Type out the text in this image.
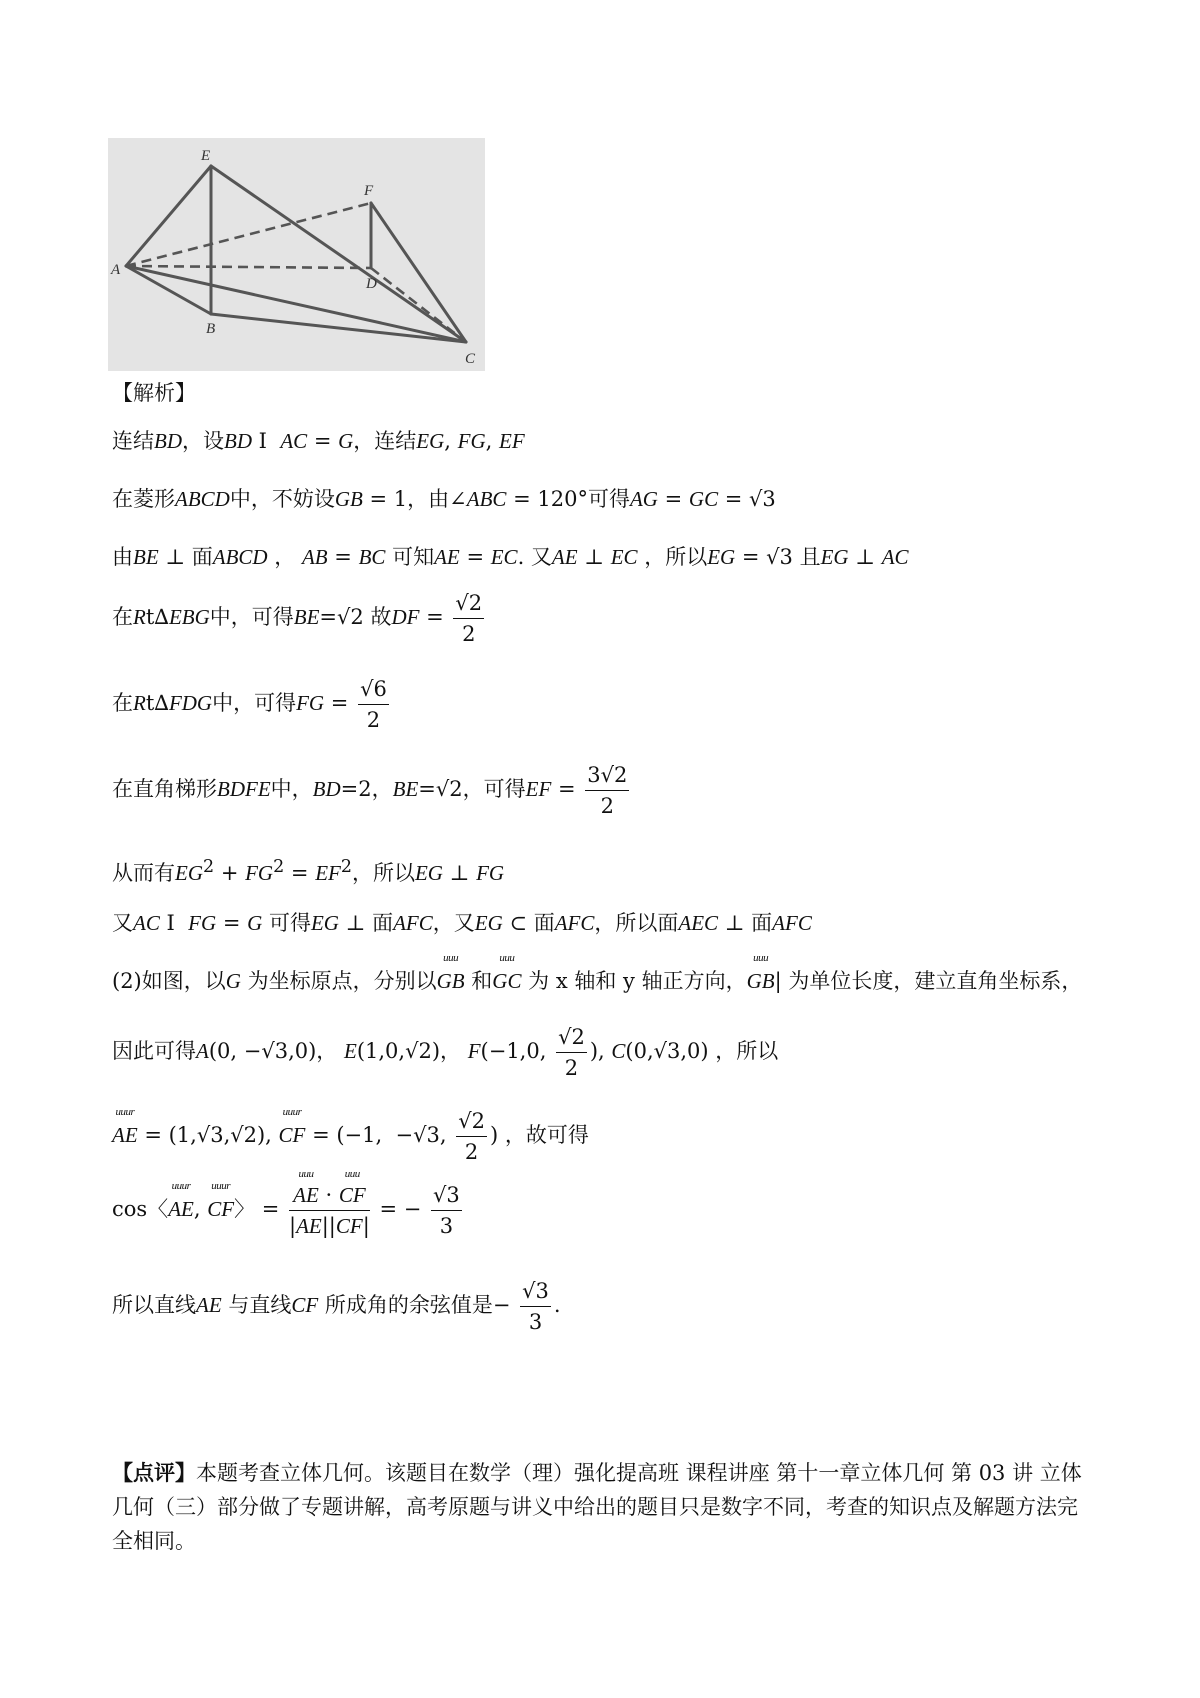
E
F
A
D
B
C
【解析】
连结BD，设BD I  AC = G，连结EG, FG, EF
在菱形ABCD中，不妨设GB = 1，由∠ABC = 120°可得AG = GC = √3
由BE ⊥ 面ABCD ， AB = BC 可知AE = EC. 又AE ⊥ EC ，所以EG = √3 且EG ⊥ AC
在Rt∆EBG中，可得BE=√2 故DF = $\frac{√2}{2}$
在Rt∆FDG中，可得FG = $\frac{√6}{2}$
在直角梯形BDFE中，BD=2，BE=√2，可得EF = $\frac{3√2}{2}$
从而有$EG^2 + FG^2 = EF^2$，所以EG ⊥ FG
又AC I  FG = G 可得EG ⊥ 面AFC，又EG ⊂ 面AFC，所以面AEC ⊥ 面AFC
(2)如图，以G 为坐标原点，分别以
uuu
GB 和
uuu
GC 为 x 轴和 y 轴正方向，
uuu
GB| 为单位长度，建立直角坐标系，
因此可得A(0, −√3,0)， E(1,0,√2)， F(−1,0, $\frac{√2}{2}$ ), C(0,√3,0) ，所以
uuur
AE = (1,√3,√2),
uuur
CF = (−1,  −√3, $\frac{√2}{2}$ ) ，故可得
cos〈
uuur
AE,
uuur
CF〉 = uuu
AE ·
uuu
CF
|AE||CF| = − $\frac{√3}{3}$
所以直线AE 与直线CF 所成角的余弦值是− $\frac{√3}{3}$ .
【点评】本题考查立体几何。该题目在数学（理）强化提高班 课程讲座 第十一章立体几何 第 03 讲 立体几何（三）部分做了专题讲解，高考原题与讲义中给出的题目只是数字不同，考查的知识点及解题方法完全相同。
